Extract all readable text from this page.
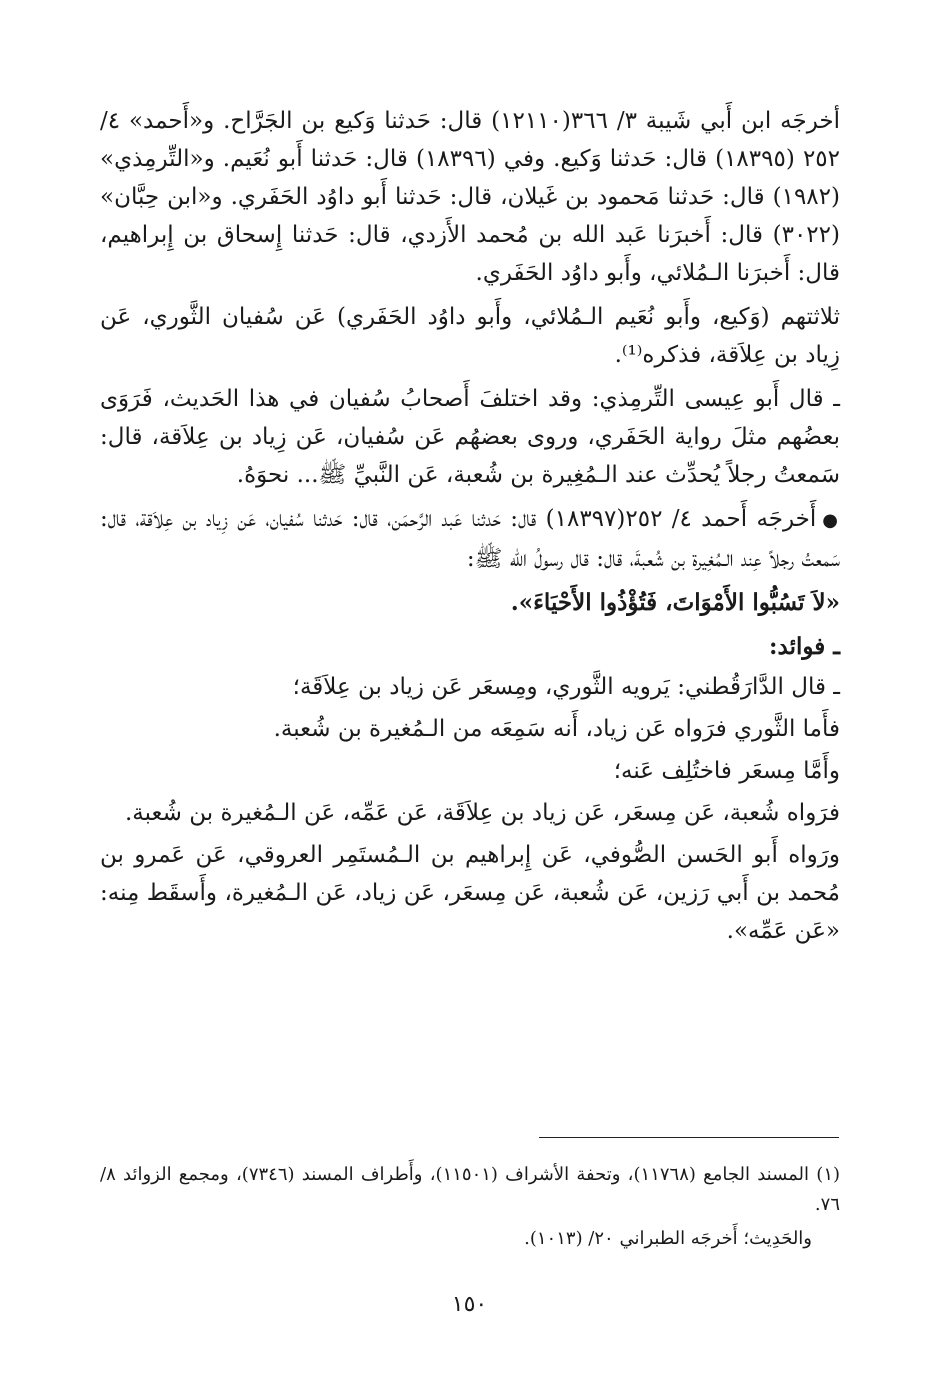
أخرجَه ابن أَبي شَيبة ٣/ ٣٦٦(١٢١١٠) قال: حَدثنا وَكيع بن الجَرَّاح. و«أَحمد» ٤/ ٢٥٢ (١٨٣٩٥) قال: حَدثنا وَكيع. وفي (١٨٣٩٦) قال: حَدثنا أَبو نُعَيم. و«التِّرمِذي» (١٩٨٢) قال: حَدثنا مَحمود بن غَيلان، قال: حَدثنا أَبو داوُد الحَفَري. و«ابن حِبَّان» (٣٠٢٢) قال: أَخبرَنا عَبد الله بن مُحمد الأَزدي، قال: حَدثنا إِسحاق بن إِبراهيم، قال: أَخبرَنا الـمُلائي، وأَبو داوُد الحَفَري.

ثلاثتهم (وَكيع، وأَبو نُعَيم الـمُلائي، وأَبو داوُد الحَفَري) عَن سُفيان الثَّوري، عَن زِياد بن عِلاَقة، فذكره⁽¹⁾.

ـ قال أَبو عِيسى التِّرمِذي: وقد اختلفَ أَصحابُ سُفيان في هذا الحَديث، فَرَوَى بعضُهم مثلَ رواية الحَفَري، وروى بعضهُم عَن سُفيان، عَن زِياد بن عِلاَقة، قال: سَمعتُ رجلاً يُحدِّث عند الـمُغِيرة بن شُعبة، عَن النَّبيِّ ﷺ... نحوَهُ.

●أَخرجَه أَحمد ٤/ ٢٥٢(١٨٣٩٧) قال: حَدثنا عَبد الرَّحمَن، قال: حَدثنا سُفيان، عَن زِياد بن عِلاَقة، قال: سَمعتُ رجلاً عِند الـمُغِيرة بن شُعبةَ، قال: قال رسولُ الله ﷺ:

«لاَ تَسُبُّوا الأَمْوَاتَ، فَتُؤْذُوا الأَحْيَاءَ».

ـ فوائد:

ـ قال الدَّارَقُطني: يَرويه الثَّوري، ومِسعَر عَن زياد بن عِلاَقَة؛

فأَما الثَّوري فرَواه عَن زياد، أَنه سَمِعَه من الـمُغيرة بن شُعبة.

وأَمَّا مِسعَر فاختُلِف عَنه؛

فرَواه شُعبة، عَن مِسعَر، عَن زياد بن عِلاَقَة، عَن عَمِّه، عَن الـمُغيرة بن شُعبة.

ورَواه أَبو الحَسن الصُّوفي، عَن إِبراهيم بن الـمُستَمِر العروقي، عَن عَمرو بن مُحمد بن أَبي رَزين، عَن شُعبة، عَن مِسعَر، عَن زياد، عَن الـمُغيرة، وأَسقَط مِنه: «عَن عَمِّه».

(١) المسند الجامع (١١٧٦٨)، وتحفة الأشراف (١١٥٠١)، وأَطراف المسند (٧٣٤٦)، ومجمع الزوائد ٨/ ٧٦.

والحَدِيث؛ أَخرجَه الطبراني ٢٠/ (١٠١٣).

١٥٠
